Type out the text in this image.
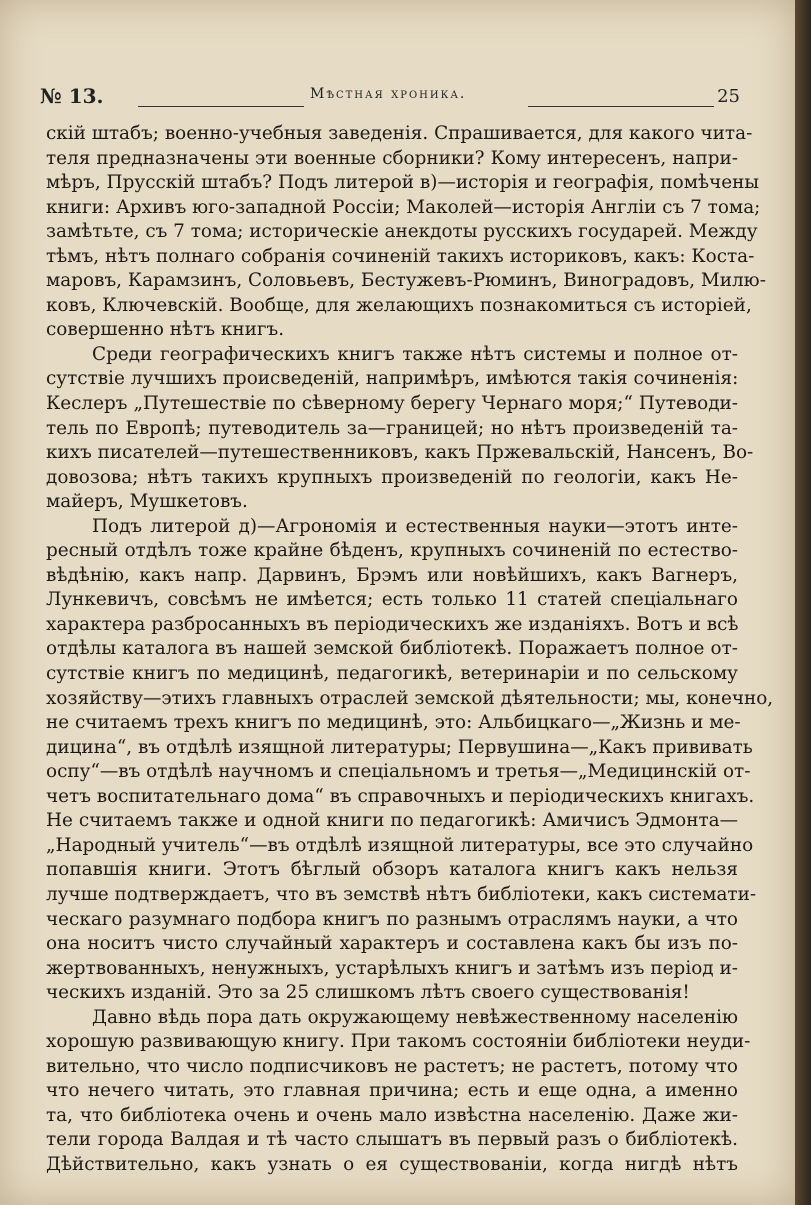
№ 13.	Мѣстная хроника.	25
скій штабъ; военно-учебныя заведенія. Спрашивается, для какого чита-
теля предназначены эти военные сборники? Кому интересенъ, напри-
мѣръ, Прусскій штабъ? Подъ литерой в)—исторія и географія, помѣчены
книги: Архивъ юго-западной Россіи; Маколей—исторія Англіи съ 7 тома;
замѣтьте, съ 7 тома; историческіе анекдоты русскихъ государей. Между
тѣмъ, нѣтъ полнаго собранія сочиненій такихъ историковъ, какъ: Коста-
маровъ, Карамзинъ, Соловьевъ, Бестужевъ-Рюминъ, Виноградовъ, Милю-
ковъ, Ключевскій. Вообще, для желающихъ познакомиться съ исторіей,
совершенно нѣтъ книгъ.
Среди географическихъ книгъ также нѣтъ системы и полное от-
сутствіе лучшихъ проиcведеній, напримѣръ, имѣются такія сочиненія:
Кеслеръ „Путешествіе по сѣверному берегу Чернаго моря;“ Путеводи-
тель по Европѣ; путеводитель за—границей; но нѣтъ произведеній та-
кихъ писателей—путешественниковъ, какъ Пржевальскій, Нансенъ, Во-
довозова; нѣтъ такихъ крупныхъ произведеній по геологіи, какъ Не-
майеръ, Мушкетовъ.
Подъ литерой д)—Агрономія и естественныя науки—этотъ инте-
ресный отдѣлъ тоже крайне бѣденъ, крупныхъ сочиненій по естество-
вѣдѣнію, какъ напр. Дарвинъ, Брэмъ или новѣйшихъ, какъ Вагнеръ,
Лункевичъ, совсѣмъ не имѣется; есть только 11 статей спеціальнаго
характера разбросанныхъ въ періодическихъ же изданіяхъ. Вотъ и всѣ
отдѣлы каталога въ нашей земской библіотекѣ. Поражаетъ полное от-
сутствіе книгъ по медицинѣ, педагогикѣ, ветеринаріи и по сельскому
хозяйству—этихъ главныхъ отраслей земской дѣятельности; мы, конечно,
не считаемъ трехъ книгъ по медицинѣ, это: Альбицкаго—„Жизнь и ме-
дицина“, въ отдѣлѣ изящной литературы; Первушина—„Какъ прививать
оспу“—въ отдѣлѣ научномъ и спеціальномъ и третья—„Медицинскій от-
четъ воспитательнаго дома“ въ справочныхъ и періодическихъ книгахъ.
Не считаемъ также и одной книги по педагогикѣ: Амичисъ Эдмонта—
„Народный учитель“—въ отдѣлѣ изящной литературы, все это случайно
попавшія книги. Этотъ бѣглый обзоръ каталога книгъ какъ нельзя
лучше подтверждаетъ, что въ земствѣ нѣтъ библіотеки, какъ системати-
ческаго разумнаго подбора книгъ по разнымъ отраслямъ науки, а что
она носитъ чисто случайный характеръ и составлена какъ бы изъ по-
жертвованныхъ, ненужныхъ, устарѣлыхъ книгъ и затѣмъ изъ період и-
ческихъ изданій. Это за 25 слишкомъ лѣтъ своего существованія!
Давно вѣдь пора дать окружающему невѣжественному населенію
хорошую развивающую книгу. При такомъ состояніи библіотеки неуди-
вительно, что число подписчиковъ не растетъ; не растетъ, потому что
что нечего читать, это главная причина; есть и еще одна, а именно
та, что библіотека очень и очень мало извѣстна населенію. Даже жи-
тели города Валдая и тѣ часто слышатъ въ первый разъ о библіотекѣ.
Дѣйствительно, какъ узнать о ея существованіи, когда нигдѣ нѣтъ
